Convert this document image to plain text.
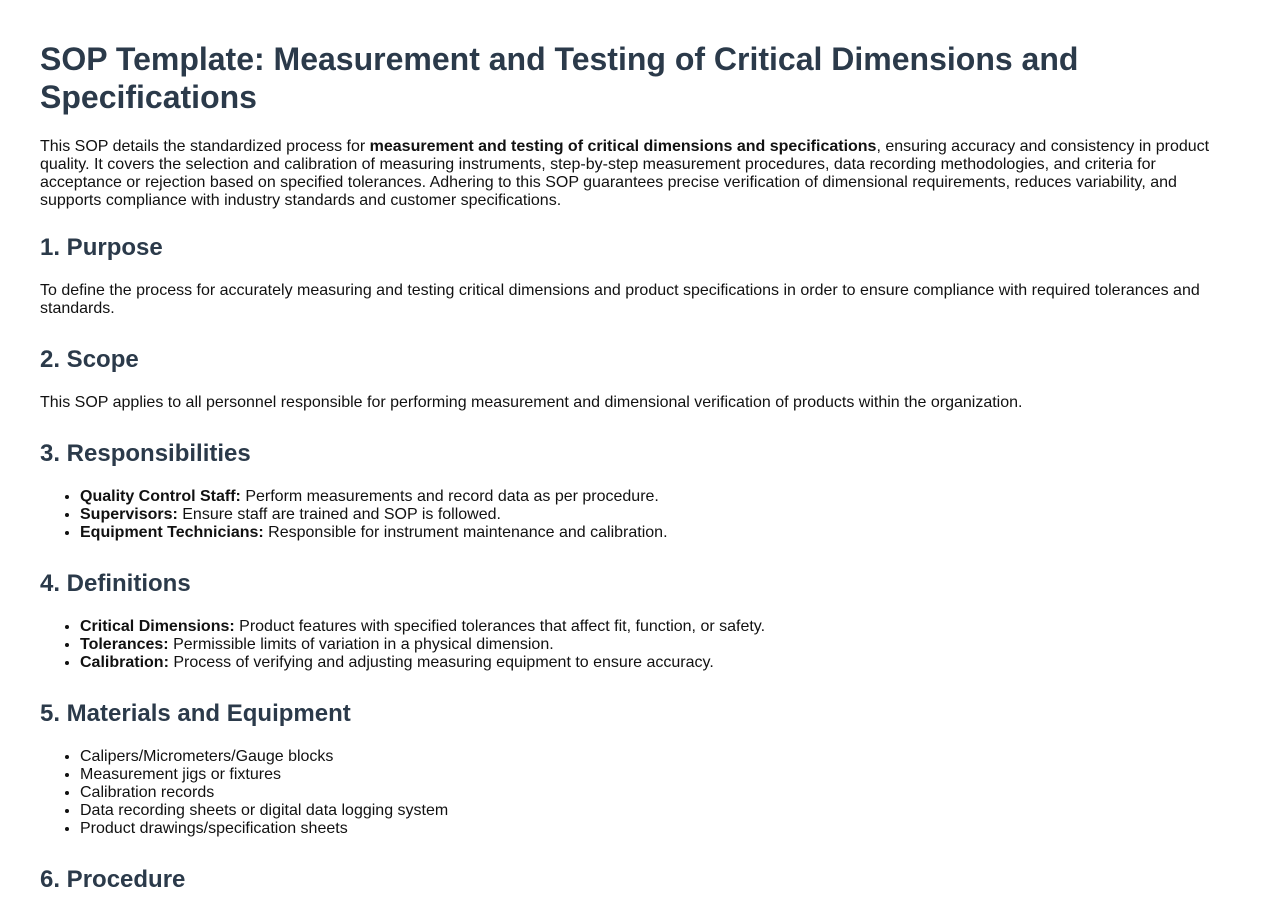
SOP Template: Measurement and Testing of Critical Dimensions and Specifications

This SOP details the standardized process for measurement and testing of critical dimensions and specifications, ensuring accuracy and consistency in product quality. It covers the selection and calibration of measuring instruments, step-by-step measurement procedures, data recording methodologies, and criteria for acceptance or rejection based on specified tolerances. Adhering to this SOP guarantees precise verification of dimensional requirements, reduces variability, and supports compliance with industry standards and customer specifications.

1. Purpose

To define the process for accurately measuring and testing critical dimensions and product specifications in order to ensure compliance with required tolerances and standards.

2. Scope

This SOP applies to all personnel responsible for performing measurement and dimensional verification of products within the organization.

3. Responsibilities
• Quality Control Staff: Perform measurements and record data as per procedure.
• Supervisors: Ensure staff are trained and SOP is followed.
• Equipment Technicians: Responsible for instrument maintenance and calibration.
4. Definitions
• Critical Dimensions: Product features with specified tolerances that affect fit, function, or safety.
• Tolerances: Permissible limits of variation in a physical dimension.
• Calibration: Process of verifying and adjusting measuring equipment to ensure accuracy.
5. Materials and Equipment
• Calipers/Micrometers/Gauge blocks
• Measurement jigs or fixtures
• Calibration records
• Data recording sheets or digital data logging system
• Product drawings/specification sheets
6. Procedure
